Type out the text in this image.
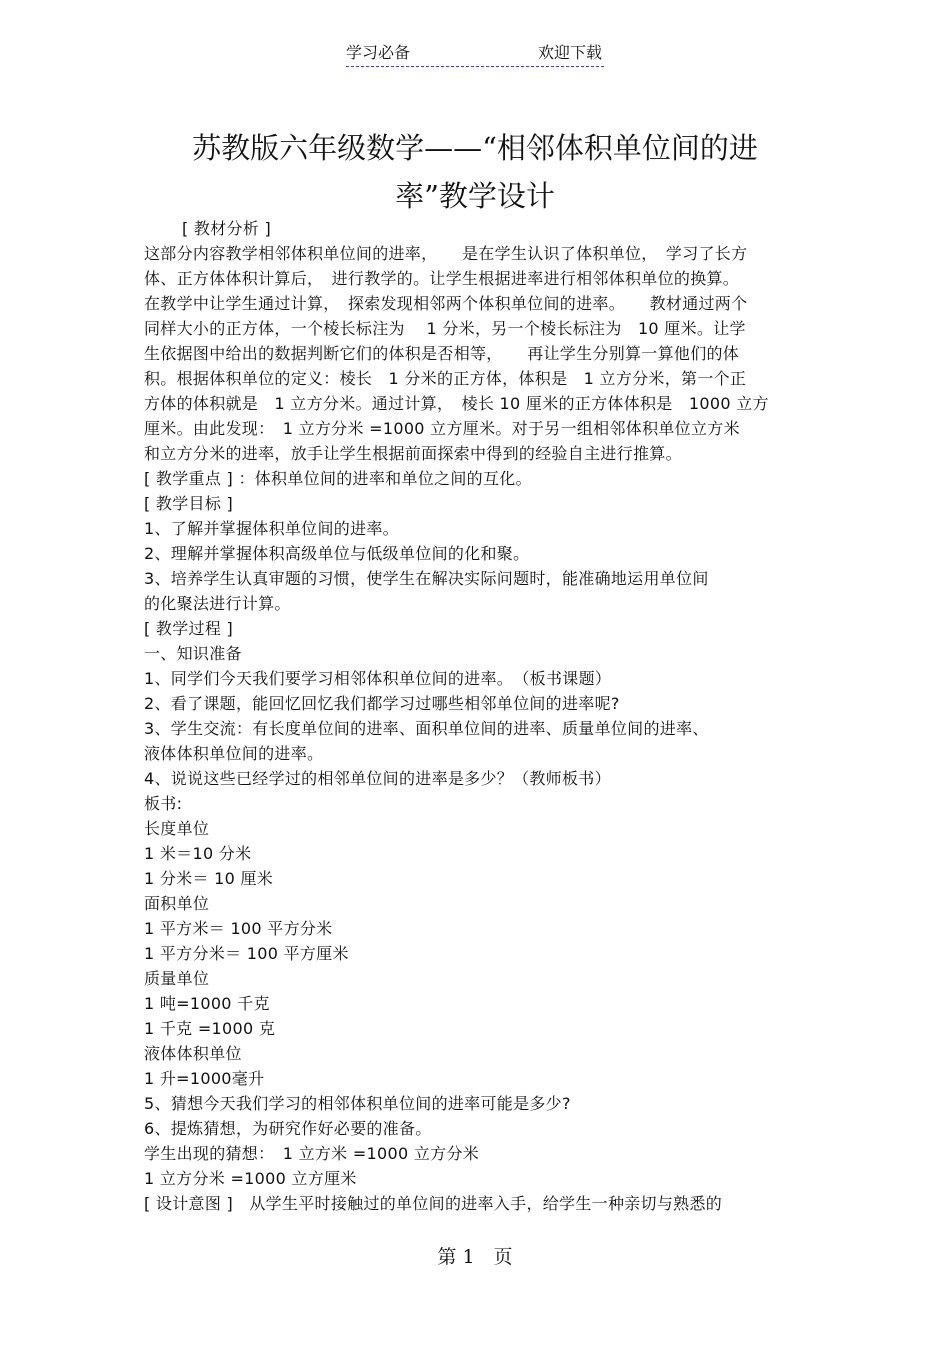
学习必备	欢迎下载
苏教版六年级数学——“相邻体积单位间的进
率”教学设计
[ 教材分析 ]
这部分内容教学相邻体积单位间的进率，　　是在学生认识了体积单位，　学习了长方
体、正方体体积计算后，　进行教学的。让学生根据进率进行相邻体积单位的换算。
在教学中让学生通过计算，　探索发现相邻两个体积单位间的进率。　　教材通过两个
同样大小的正方体，一个棱长标注为　 1 分米，另一个棱长标注为　10 厘米。让学
生依据图中给出的数据判断它们的体积是否相等，　　再让学生分别算一算他们的体
积。根据体积单位的定义：棱长　1 分米的正方体，体积是　1 立方分米，第一个正
方体的体积就是　1 立方分米。通过计算，　棱长 10 厘米的正方体体积是　1000 立方
厘米。由此发现：　1 立方分米 =1000 立方厘米。对于另一组相邻体积单位立方米
和立方分米的进率，放手让学生根据前面探索中得到的经验自主进行推算。
[ 教学重点 ] ：体积单位间的进率和单位之间的互化。
[ 教学目标 ]
1、了解并掌握体积单位间的进率。
2、理解并掌握体积高级单位与低级单位间的化和聚。
3、培养学生认真审题的习惯，使学生在解决实际问题时，能准确地运用单位间
的化聚法进行计算。
[ 教学过程 ]
一、知识准备
1、同学们今天我们要学习相邻体积单位间的进率。　（板书课题）
2、看了课题，能回忆回忆我们都学习过哪些相邻单位间的进率呢?
3、学生交流：有长度单位间的进率、面积单位间的进率、质量单位间的进率、
液体体积单位间的进率。
4、说说这些已经学过的相邻单位间的进率是多少？（教师板书）
板书:
长度单位
1 米＝10 分米
1 分米＝ 10 厘米
面积单位
1 平方米＝ 100 平方分米
1 平方分米＝ 100 平方厘米
质量单位
1 吨=1000 千克
1 千克 =1000 克
液体体积单位
1 升=1000毫升
5、猜想今天我们学习的相邻体积单位间的进率可能是多少?
6、提炼猜想，为研究作好必要的准备。
学生出现的猜想：　1 立方米 =1000 立方分米
1 立方分米 =1000 立方厘米
[ 设计意图 ]　从学生平时接触过的单位间的进率入手，给学生一种亲切与熟悉的
第 1　页
